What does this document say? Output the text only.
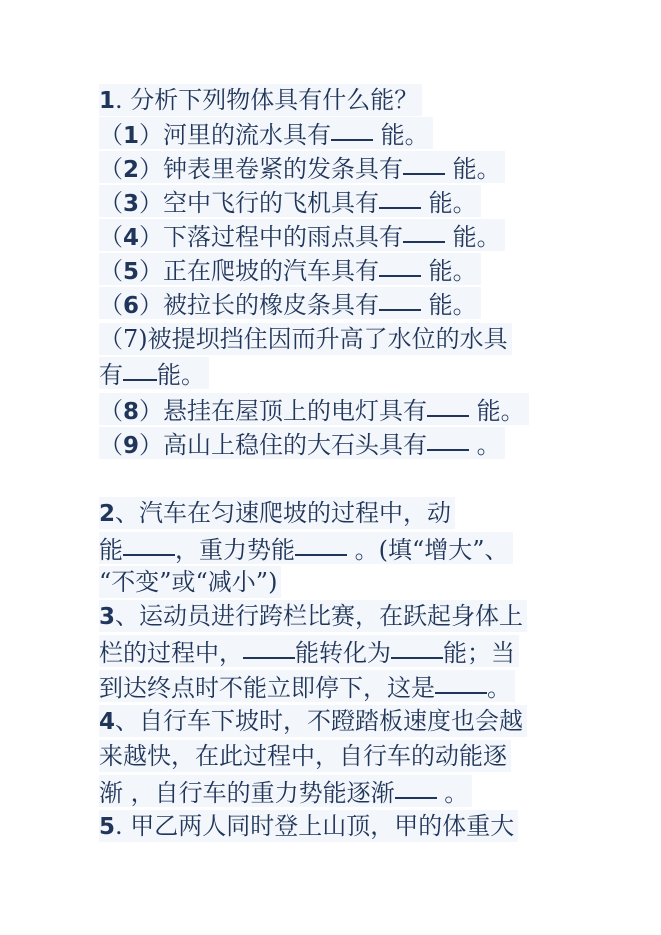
1. 分析下列物体具有什么能？
（1）河里的流水具有 能。
（2）钟表里卷紧的发条具有 能。
（3）空中飞行的飞机具有 能。
（4）下落过程中的雨点具有 能。
（5）正在爬坡的汽车具有 能。
（6）被拉长的橡皮条具有 能。
（7)被提坝挡住因而升高了水位的水具
有 能。
（8）悬挂在屋顶上的电灯具有 能。
（9）高山上稳住的大石头具有 。
2、汽车在匀速爬坡的过程中，动
能 ，重力势能 。(填“增大”、
“不变”或“减小”)
3、运动员进行跨栏比赛，在跃起身体上
栏的过程中， 能转化为 能；当
到达终点时不能立即停下，这是 。
4、自行车下坡时，不蹬踏板速度也会越
来越快，在此过程中，自行车的动能逐
渐 ，自行车的重力势能逐渐 。
5. 甲乙两人同时登上山顶，甲的体重大
